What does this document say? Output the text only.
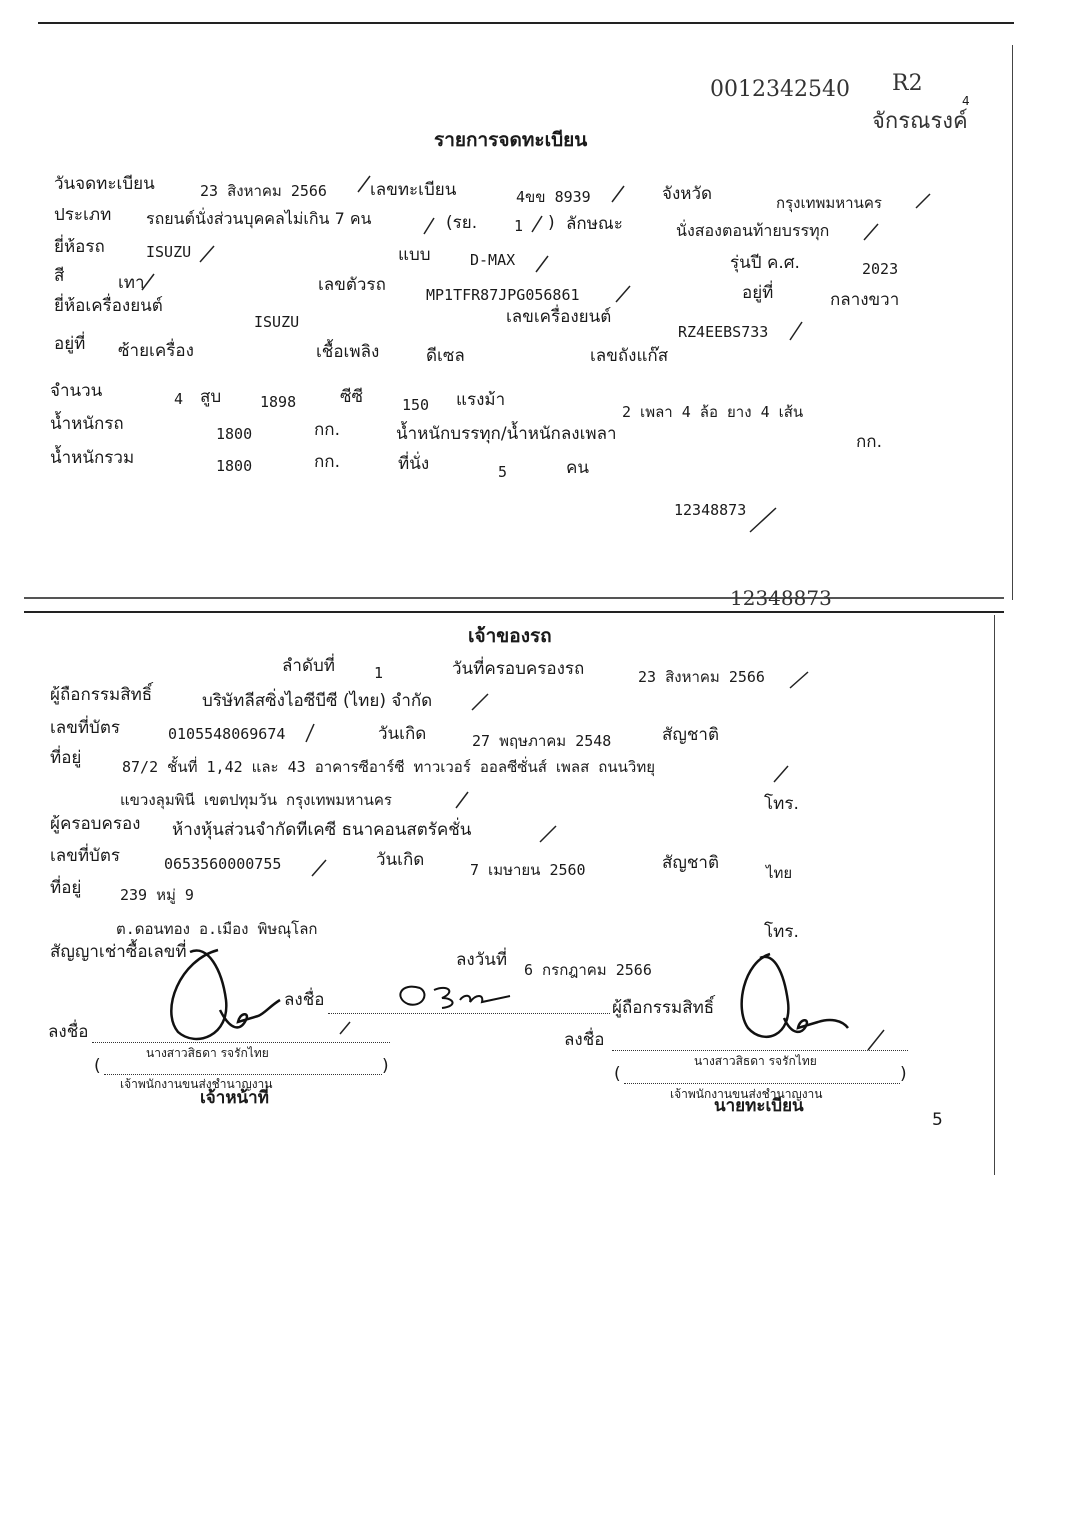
0012342540 R2
จักรณรงค์
4
รายการจดทะเบียน
วันจดทะเบียน	23 สิงหาคม 2566	เลขทะเบียน	4ขข 8939	จังหวัด	กรุงเทพมหานคร
ประเภท รถยนต์นั่งส่วนบุคคลไม่เกิน 7 คน	(รย. 1 ) ลักษณะ	นั่งสองตอนท้ายบรรทุก
ยี่ห้อรถ	ISUZU	แบบ	D-MAX	รุ่นปี ค.ศ.	2023
สี	เทา	เลขตัวรถ	MP1TFR87JPG056861	อยู่ที่	กลางขวา
ยี่ห้อเครื่องยนต์
ISUZU	เลขเครื่องยนต์
RZ4EEBS733
อยู่ที่ ซ้ายเครื่อง	เชื้อเพลิง	ดีเซล	เลขถังแก๊ส
จำนวน	4 สูบ	1898	ซีซี	150 แรงม้า
2 เพลา 4 ล้อ ยาง 4 เส้น
น้ำหนักรถ	1800	กก.	น้ำหนักบรรทุก/น้ำหนักลงเพลา	กก.
น้ำหนักรวม	1800	กก.	ที่นั่ง	5	คน
12348873
12348873
เจ้าของรถ
ลำดับที่	1	วันที่ครอบครองรถ	23 สิงหาคม 2566
ผู้ถือกรรมสิทธิ์	บริษัทลีสซิ่งไอซีบีซี (ไทย) จำกัด
เลขที่บัตร	0105548069674	วันเกิด	27 พฤษภาคม 2548	สัญชาติ
ที่อยู่	87/2 ชั้นที่ 1,42 และ 43 อาคารซีอาร์ซี ทาวเวอร์ ออลซีซั่นส์ เพลส ถนนวิทยุ
แขวงลุมพินี เขตปทุมวัน กรุงเทพมหานคร	โทร.
ผู้ครอบครอง ห้างหุ้นส่วนจำกัดทีเคซี ธนาคอนสตรัคชั่น
เลขที่บัตร	0653560000755	วันเกิด	7 เมษายน 2560	สัญชาติ	ไทย
ที่อยู่	239 หมู่ 9
ต.ดอนทอง อ.เมือง พิษณุโลก	โทร.
สัญญาเช่าซื้อเลขที่	ลงวันที่ 6 กรกฎาคม 2566
ลงชื่อ	ผู้ถือกรรมสิทธิ์
ลงชื่อ
นางสาวสิธดา รจรักไทย
(	)
เจ้าพนักงานขนส่งชำนาญงาน
เจ้าหน้าที่
ลงชื่อ
นางสาวสิธดา รจรักไทย
(	)
เจ้าพนักงานขนส่งชำนาญงาน
นายทะเบียน
5
